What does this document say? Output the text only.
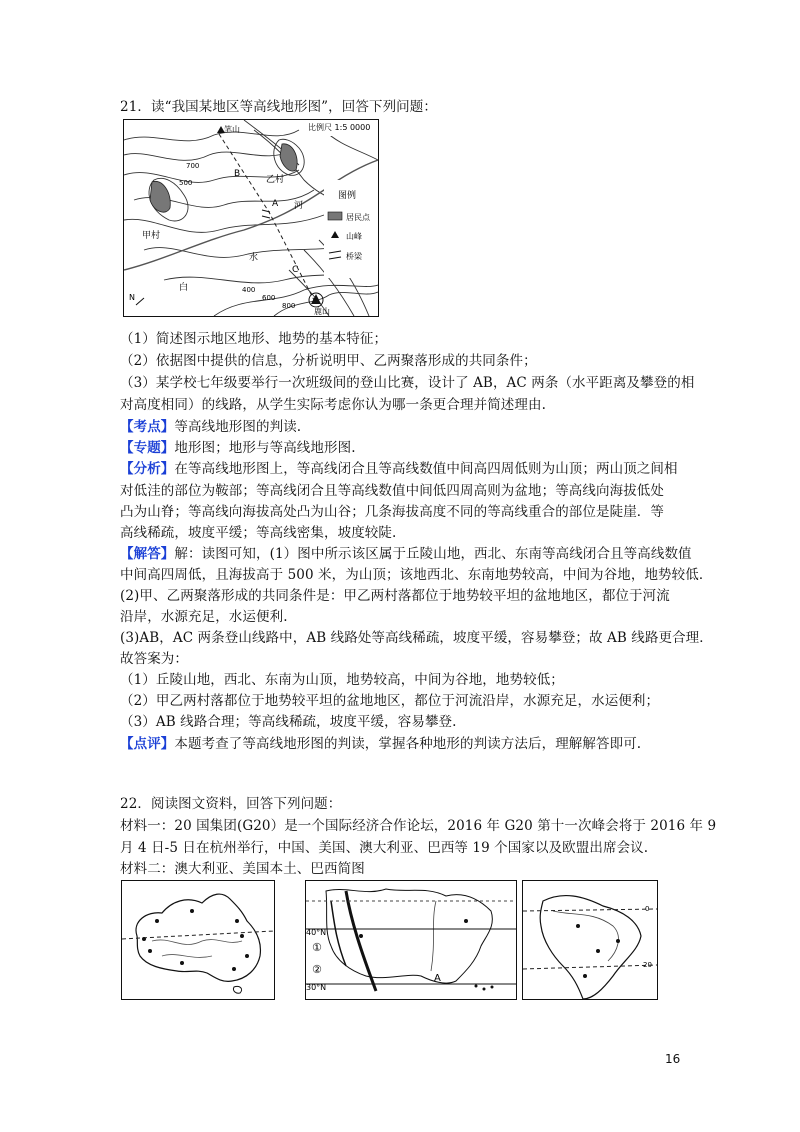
21．读“我国某地区等高线地形图”，回答下列问题：
比例尺 1:5 0000
笔山
鹿山
甲村
乙村
河
水
白
700
500
400
600
800
B
A
C
N
图例
居民点
山峰
桥梁
（1）简述图示地区地形、地势的基本特征；
（2）依据图中提供的信息，分析说明甲、乙两聚落形成的共同条件；
（3）某学校七年级要举行一次班级间的登山比赛，设计了 AB，AC 两条（水平距离及攀登的相
对高度相同）的线路，从学生实际考虑你认为哪一条更合理并简述理由.
【考点】等高线地形图的判读.
【专题】地形图；地形与等高线地形图.
【分析】在等高线地形图上，等高线闭合且等高线数值中间高四周低则为山顶；两山顶之间相
对低洼的部位为鞍部；等高线闭合且等高线数值中间低四周高则为盆地；等高线向海拔低处
凸为山脊；等高线向海拔高处凸为山谷；几条海拔高度不同的等高线重合的部位是陡崖．等
高线稀疏，坡度平缓；等高线密集，坡度较陡.
【解答】解：读图可知，(1）图中所示该区属于丘陵山地，西北、东南等高线闭合且等高线数值
中间高四周低，且海拔高于 500 米，为山顶；该地西北、东南地势较高，中间为谷地，地势较低．
(2)甲、乙两聚落形成的共同条件是：甲乙两村落都位于地势较平坦的盆地地区，都位于河流
沿岸，水源充足，水运便利.
(3)AB，AC 两条登山线路中，AB 线路处等高线稀疏，坡度平缓，容易攀登；故 AB 线路更合理．
故答案为：
（1）丘陵山地，西北、东南为山顶，地势较高，中间为谷地，地势较低；
（2）甲乙两村落都位于地势较平坦的盆地地区，都位于河流沿岸，水源充足，水运便利；
（3）AB 线路合理；等高线稀疏，坡度平缓，容易攀登.
【点评】本题考查了等高线地形图的判读，掌握各种地形的判读方法后，理解解答即可.
22．阅读图文资料，回答下列问题：
材料一：20 国集团(G20）是一个国际经济合作论坛，2016 年 G20 第十一次峰会将于 2016 年 9
月 4 日-5 日在杭州举行，中国、美国、澳大利亚、巴西等 19 个国家以及欧盟出席会议.
材料二：澳大利亚、美国本土、巴西简图
40°N
30°N
①
②
A
0
20
16
